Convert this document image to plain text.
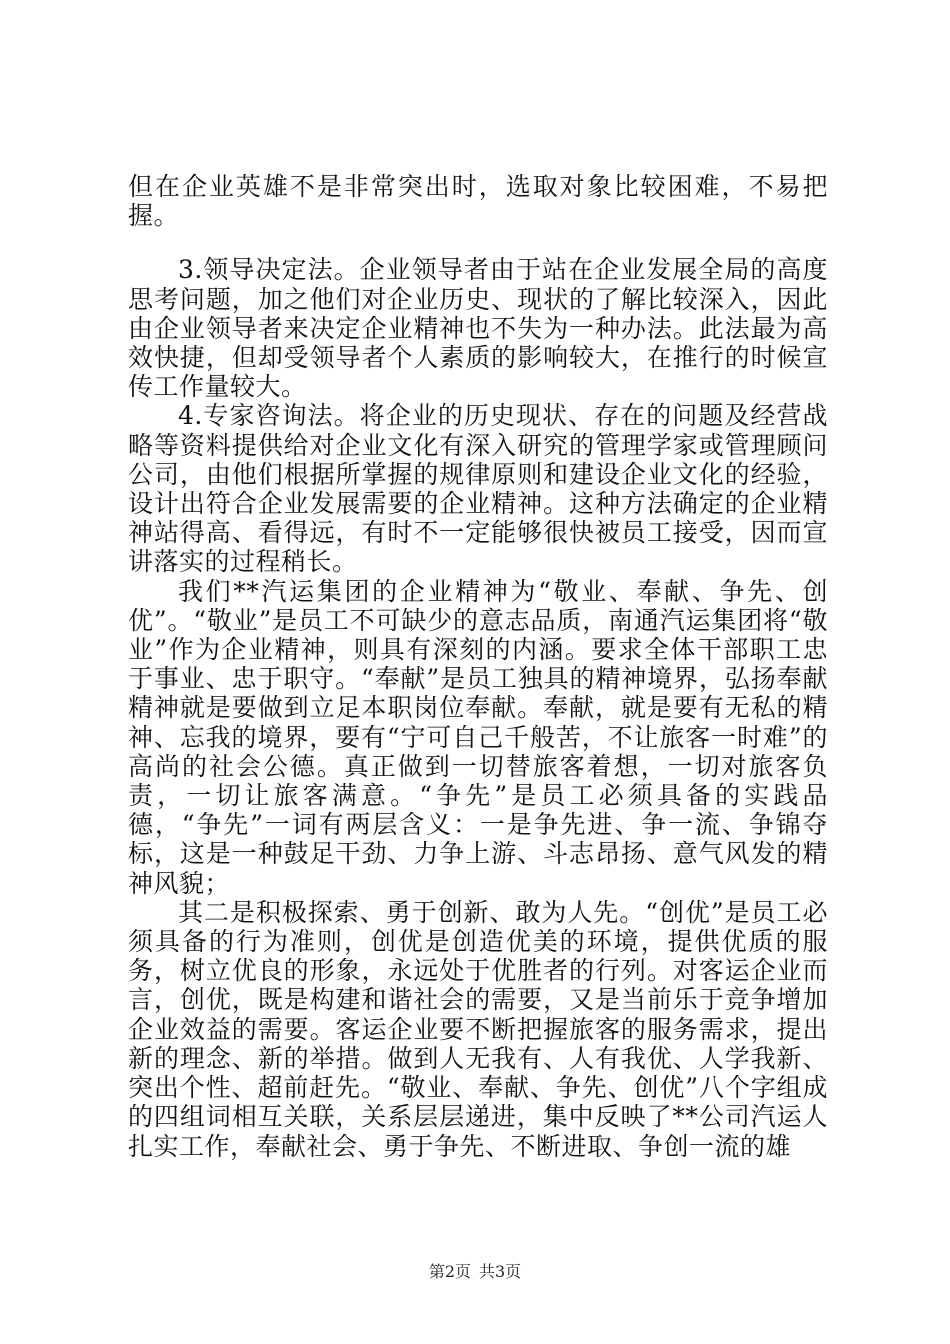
但在企业英雄不是非常突出时，选取对象比较困难，不易把握。

3.领导决定法。企业领导者由于站在企业发展全局的高度思考问题，加之他们对企业历史、现状的了解比较深入，因此由企业领导者来决定企业精神也不失为一种办法。此法最为高效快捷，但却受领导者个人素质的影响较大，在推行的时候宣传工作量较大。

4.专家咨询法。将企业的历史现状、存在的问题及经营战略等资料提供给对企业文化有深入研究的管理学家或管理顾问公司，由他们根据所掌握的规律原则和建设企业文化的经验，设计出符合企业发展需要的企业精神。这种方法确定的企业精神站得高、看得远，有时不一定能够很快被员工接受，因而宣讲落实的过程稍长。

我们**汽运集团的企业精神为“敬业、奉献、争先、创优”。“敬业”是员工不可缺少的意志品质，南通汽运集团将“敬业”作为企业精神，则具有深刻的内涵。要求全体干部职工忠于事业、忠于职守。“奉献”是员工独具的精神境界，弘扬奉献精神就是要做到立足本职岗位奉献。奉献，就是要有无私的精神、忘我的境界，要有“宁可自己千般苦，不让旅客一时难”的高尚的社会公德。真正做到一切替旅客着想，一切对旅客负责，一切让旅客满意。“争先”是员工必须具备的实践品德，“争先”一词有两层含义：一是争先进、争一流、争锦夺标，这是一种鼓足干劲、力争上游、斗志昂扬、意气风发的精神风貌；

其二是积极探索、勇于创新、敢为人先。“创优”是员工必须具备的行为准则，创优是创造优美的环境，提供优质的服务，树立优良的形象，永远处于优胜者的行列。对客运企业而言，创优，既是构建和谐社会的需要，又是当前乐于竞争增加企业效益的需要。客运企业要不断把握旅客的服务需求，提出新的理念、新的举措。做到人无我有、人有我优、人学我新、突出个性、超前赶先。“敬业、奉献、争先、创优”八个字组成的四组词相互关联，关系层层递进，集中反映了**公司汽运人扎实工作，奉献社会、勇于争先、不断进取、争创一流的雄

第2页 共3页
